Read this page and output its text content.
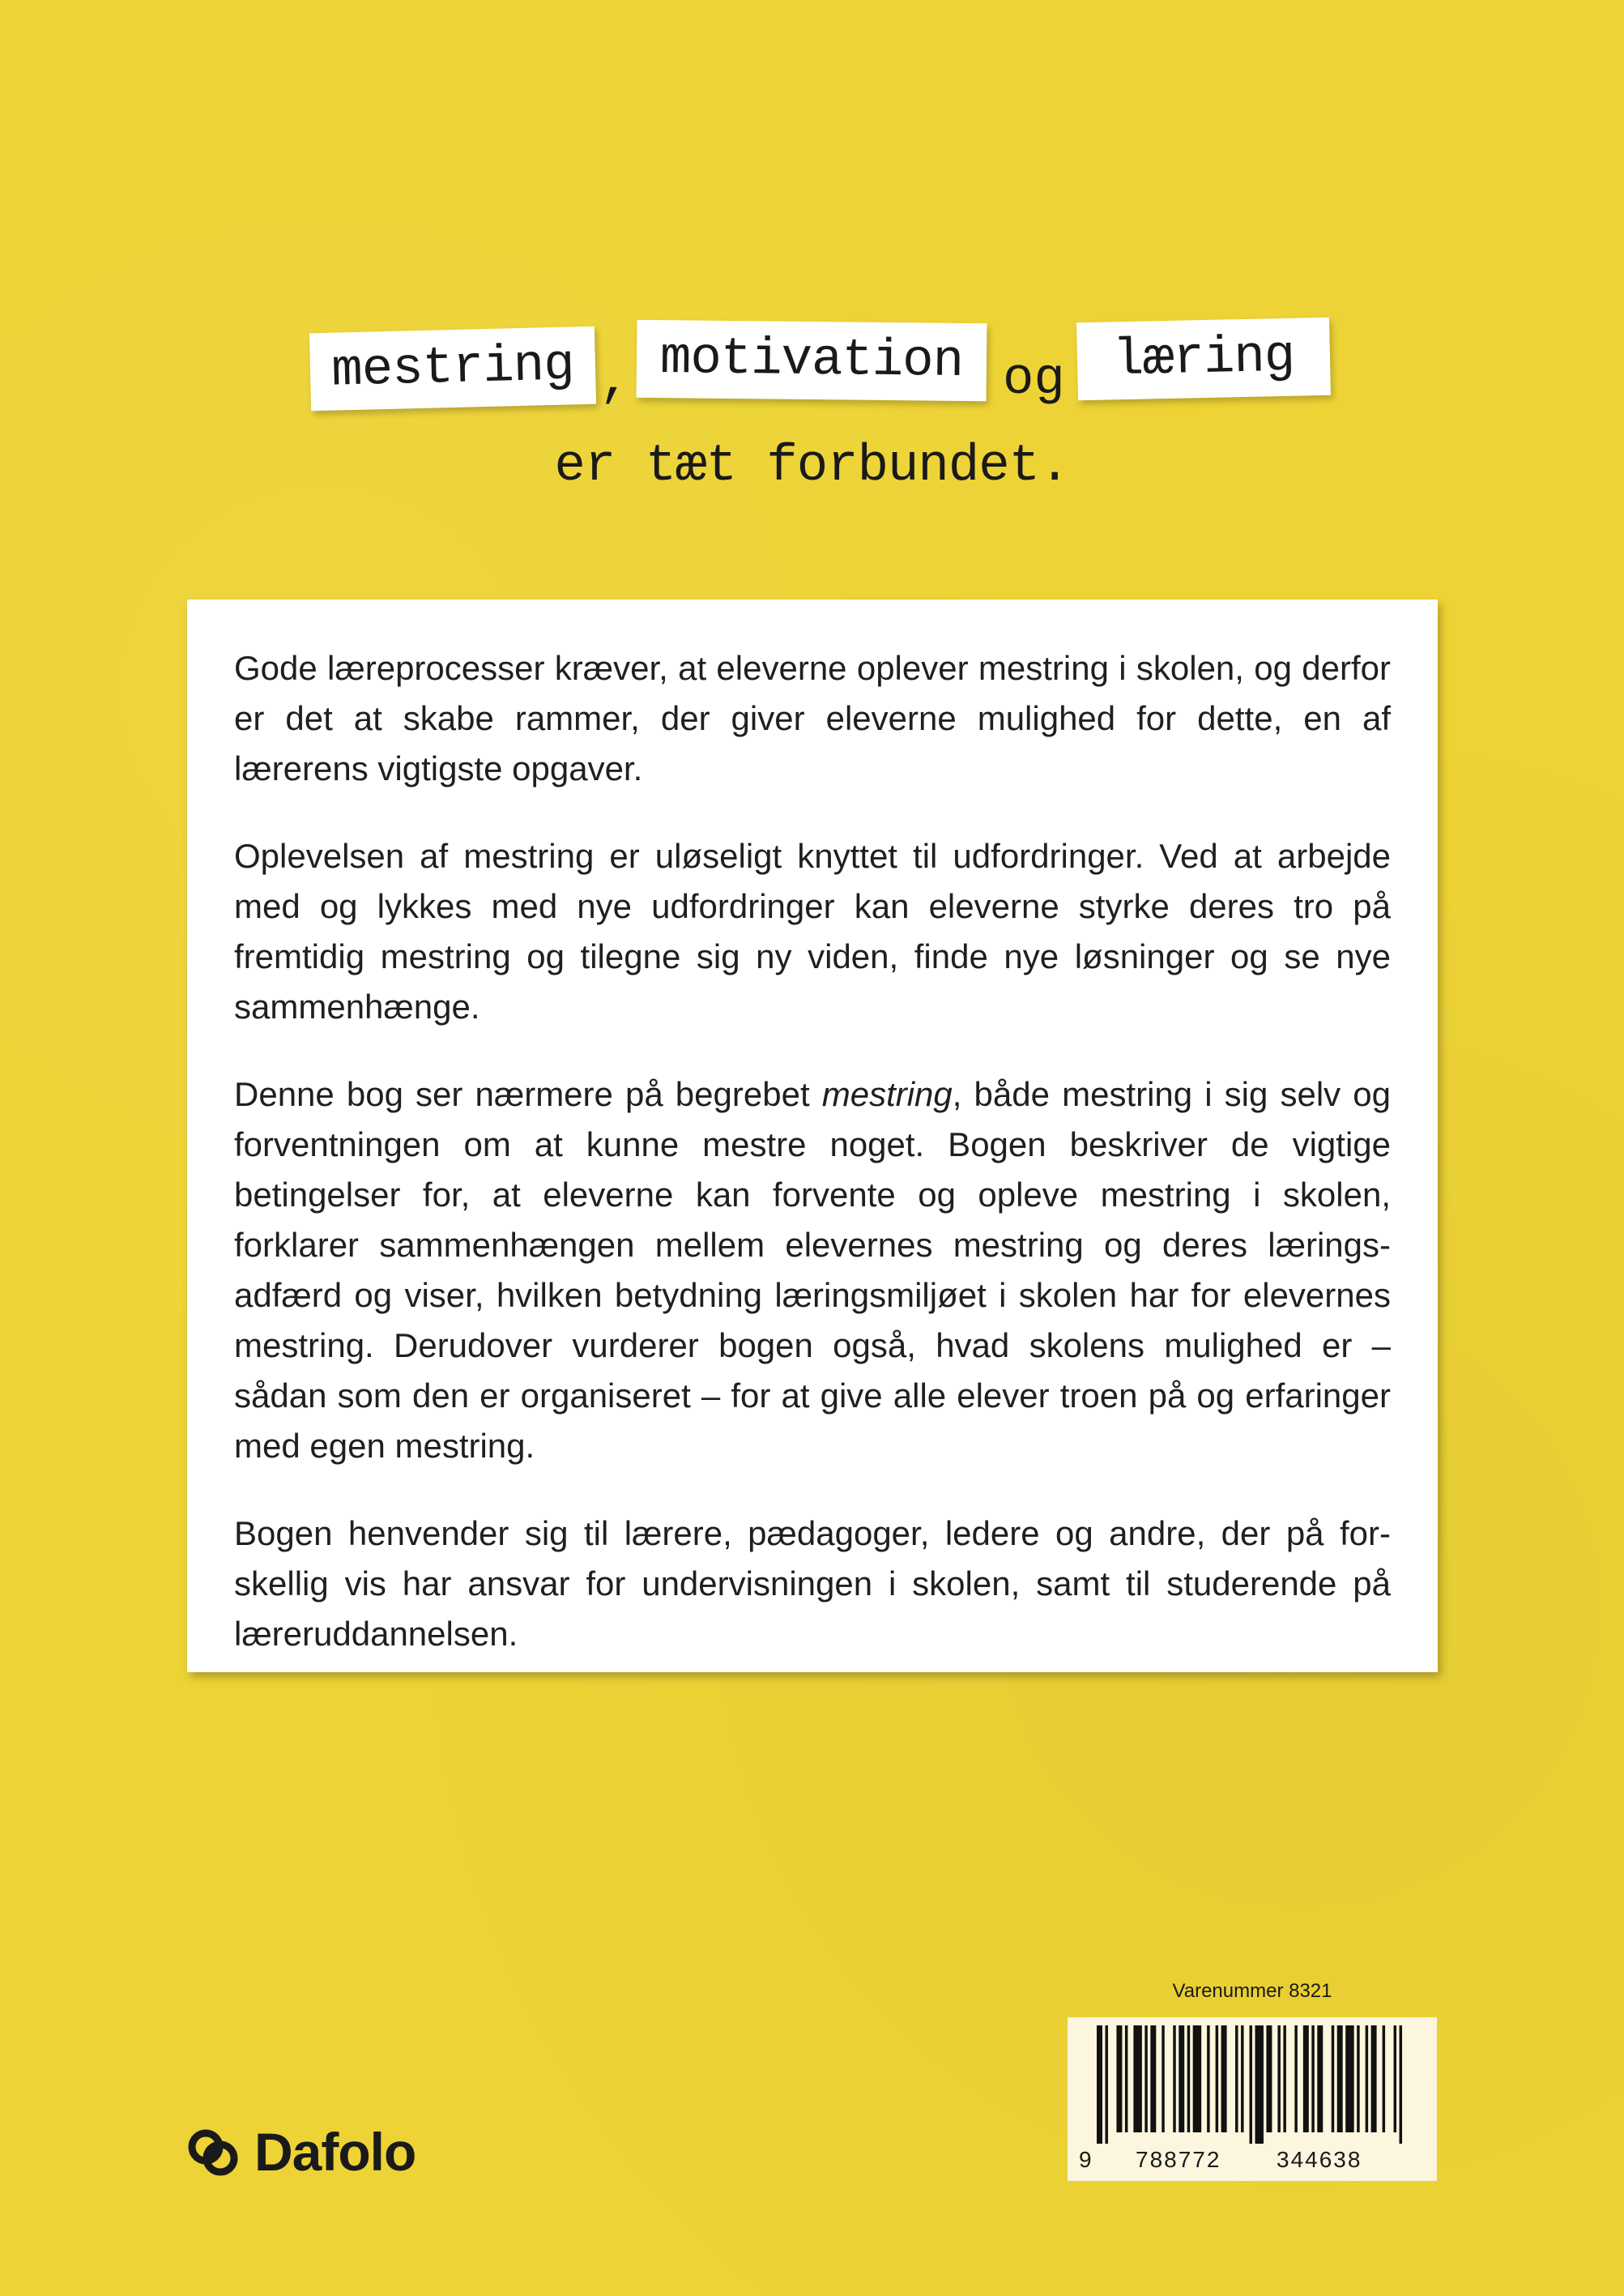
mestring , motivation og læring
er tæt forbundet.

Gode læreprocesser kræver, at eleverne oplever mestring i skolen, og derfor er det at skabe rammer, der giver eleverne mulighed for dette, en af lærerens vigtigste opgaver.

Oplevelsen af mestring er uløseligt knyttet til udfordringer. Ved at arbejde med og lykkes med nye udfordringer kan eleverne styrke deres tro på fremtidig mestring og tilegne sig ny viden, finde nye løsninger og se nye sammenhænge.

Denne bog ser nærmere på begrebet mestring, både mestring i sig selv og forventningen om at kunne mestre noget. Bogen beskriver de vigtige betingelser for, at eleverne kan forvente og opleve mestring i skolen, forklarer sammenhængen mellem elevernes mestring og deres læringsadfærd og viser, hvilken betydning læringsmiljøet i skolen har for elevernes mestring. Derudover vurderer bogen også, hvad skolens mulighed er – sådan som den er organiseret – for at give alle elever troen på og erfaringer med egen mestring.

Bogen henvender sig til lærere, pædagoger, ledere og andre, der på forskellig vis har ansvar for undervisningen i skolen, samt til studerende på læreruddannelsen.

Dafolo
Varenummer 8321
9 788772 344638
